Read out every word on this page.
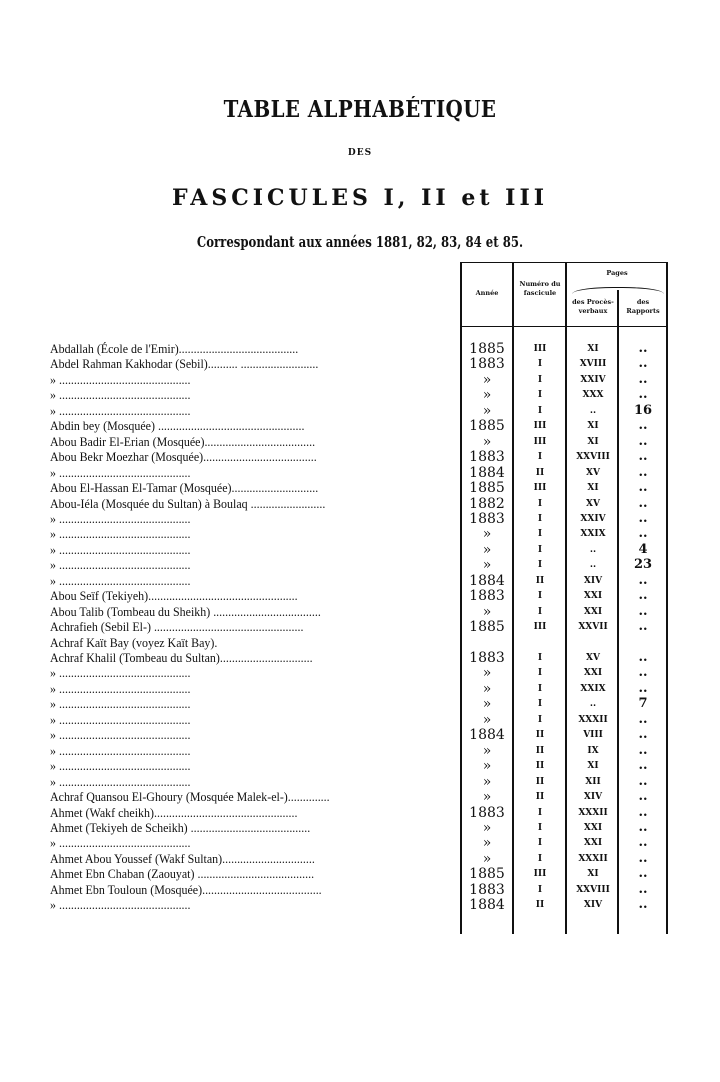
TABLE ALPHABÉTIQUE
DES
FASCICULES I, II et III
Correspondant aux années 1881, 82, 83, 84 et 85.
Année
Numéro du fascicule
Pages
des Procès-verbaux
des Rapports
Abdallah (École de l'Emir)........................................	1885	III	XI	..
Abdel Rahman Kakhodar (Sebil).......... ..........................	1883	I	XVIII	..
» ............................................	»	I	XXIV	..
» ............................................	»	I	XXX	..
» ............................................	»	I	..	16
Abdin bey (Mosquée) .................................................	1885	III	XI	..
Abou Badir El-Erian (Mosquée).....................................	»	III	XI	..
Abou Bekr Moezhar (Mosquée)......................................	1883	I	XXVIII	..
» ............................................	1884	II	XV	..
Abou El-Hassan El-Tamar (Mosquée).............................	1885	III	XI	..
Abou-Iéla (Mosquée du Sultan) à Boulaq .........................	1882	I	XV	..
» ............................................	1883	I	XXIV	..
» ............................................	»	I	XXIX	..
» ............................................	»	I	..	4
» ............................................	»	I	..	23
» ............................................	1884	II	XIV	..
Abou Seïf (Tekiyeh)..................................................	1883	I	XXI	..
Abou Talib (Tombeau du Sheikh) ....................................	»	I	XXI	..
Achrafieh (Sebil El-) ..................................................	1885	III	XXVII	..
Achraf Kaït Bay (voyez Kaït Bay).
Achraf Khalil (Tombeau du Sultan)...............................	1883	I	XV	..
» ............................................	»	I	XXI	..
» ............................................	»	I	XXIX	..
» ............................................	»	I	..	7
» ............................................	»	I	XXXII	..
» ............................................	1884	II	VIII	..
» ............................................	»	II	IX	..
» ............................................	»	II	XI	..
» ............................................	»	II	XII	..
Achraf Quansou El-Ghoury (Mosquée Malek-el-)..............	»	II	XIV	..
Ahmet (Wakf cheikh)................................................	1883	I	XXXII	..
Ahmet (Tekiyeh de Scheikh) ........................................	»	I	XXI	..
» ............................................	»	I	XXI	..
Ahmet Abou Youssef (Wakf Sultan)...............................	»	I	XXXII	..
Ahmet Ebn Chaban (Zaouyat) .......................................	1885	III	XI	..
Ahmet Ebn Touloun (Mosquée)........................................	1883	I	XXVIII	..
» ............................................	1884	II	XIV	..
